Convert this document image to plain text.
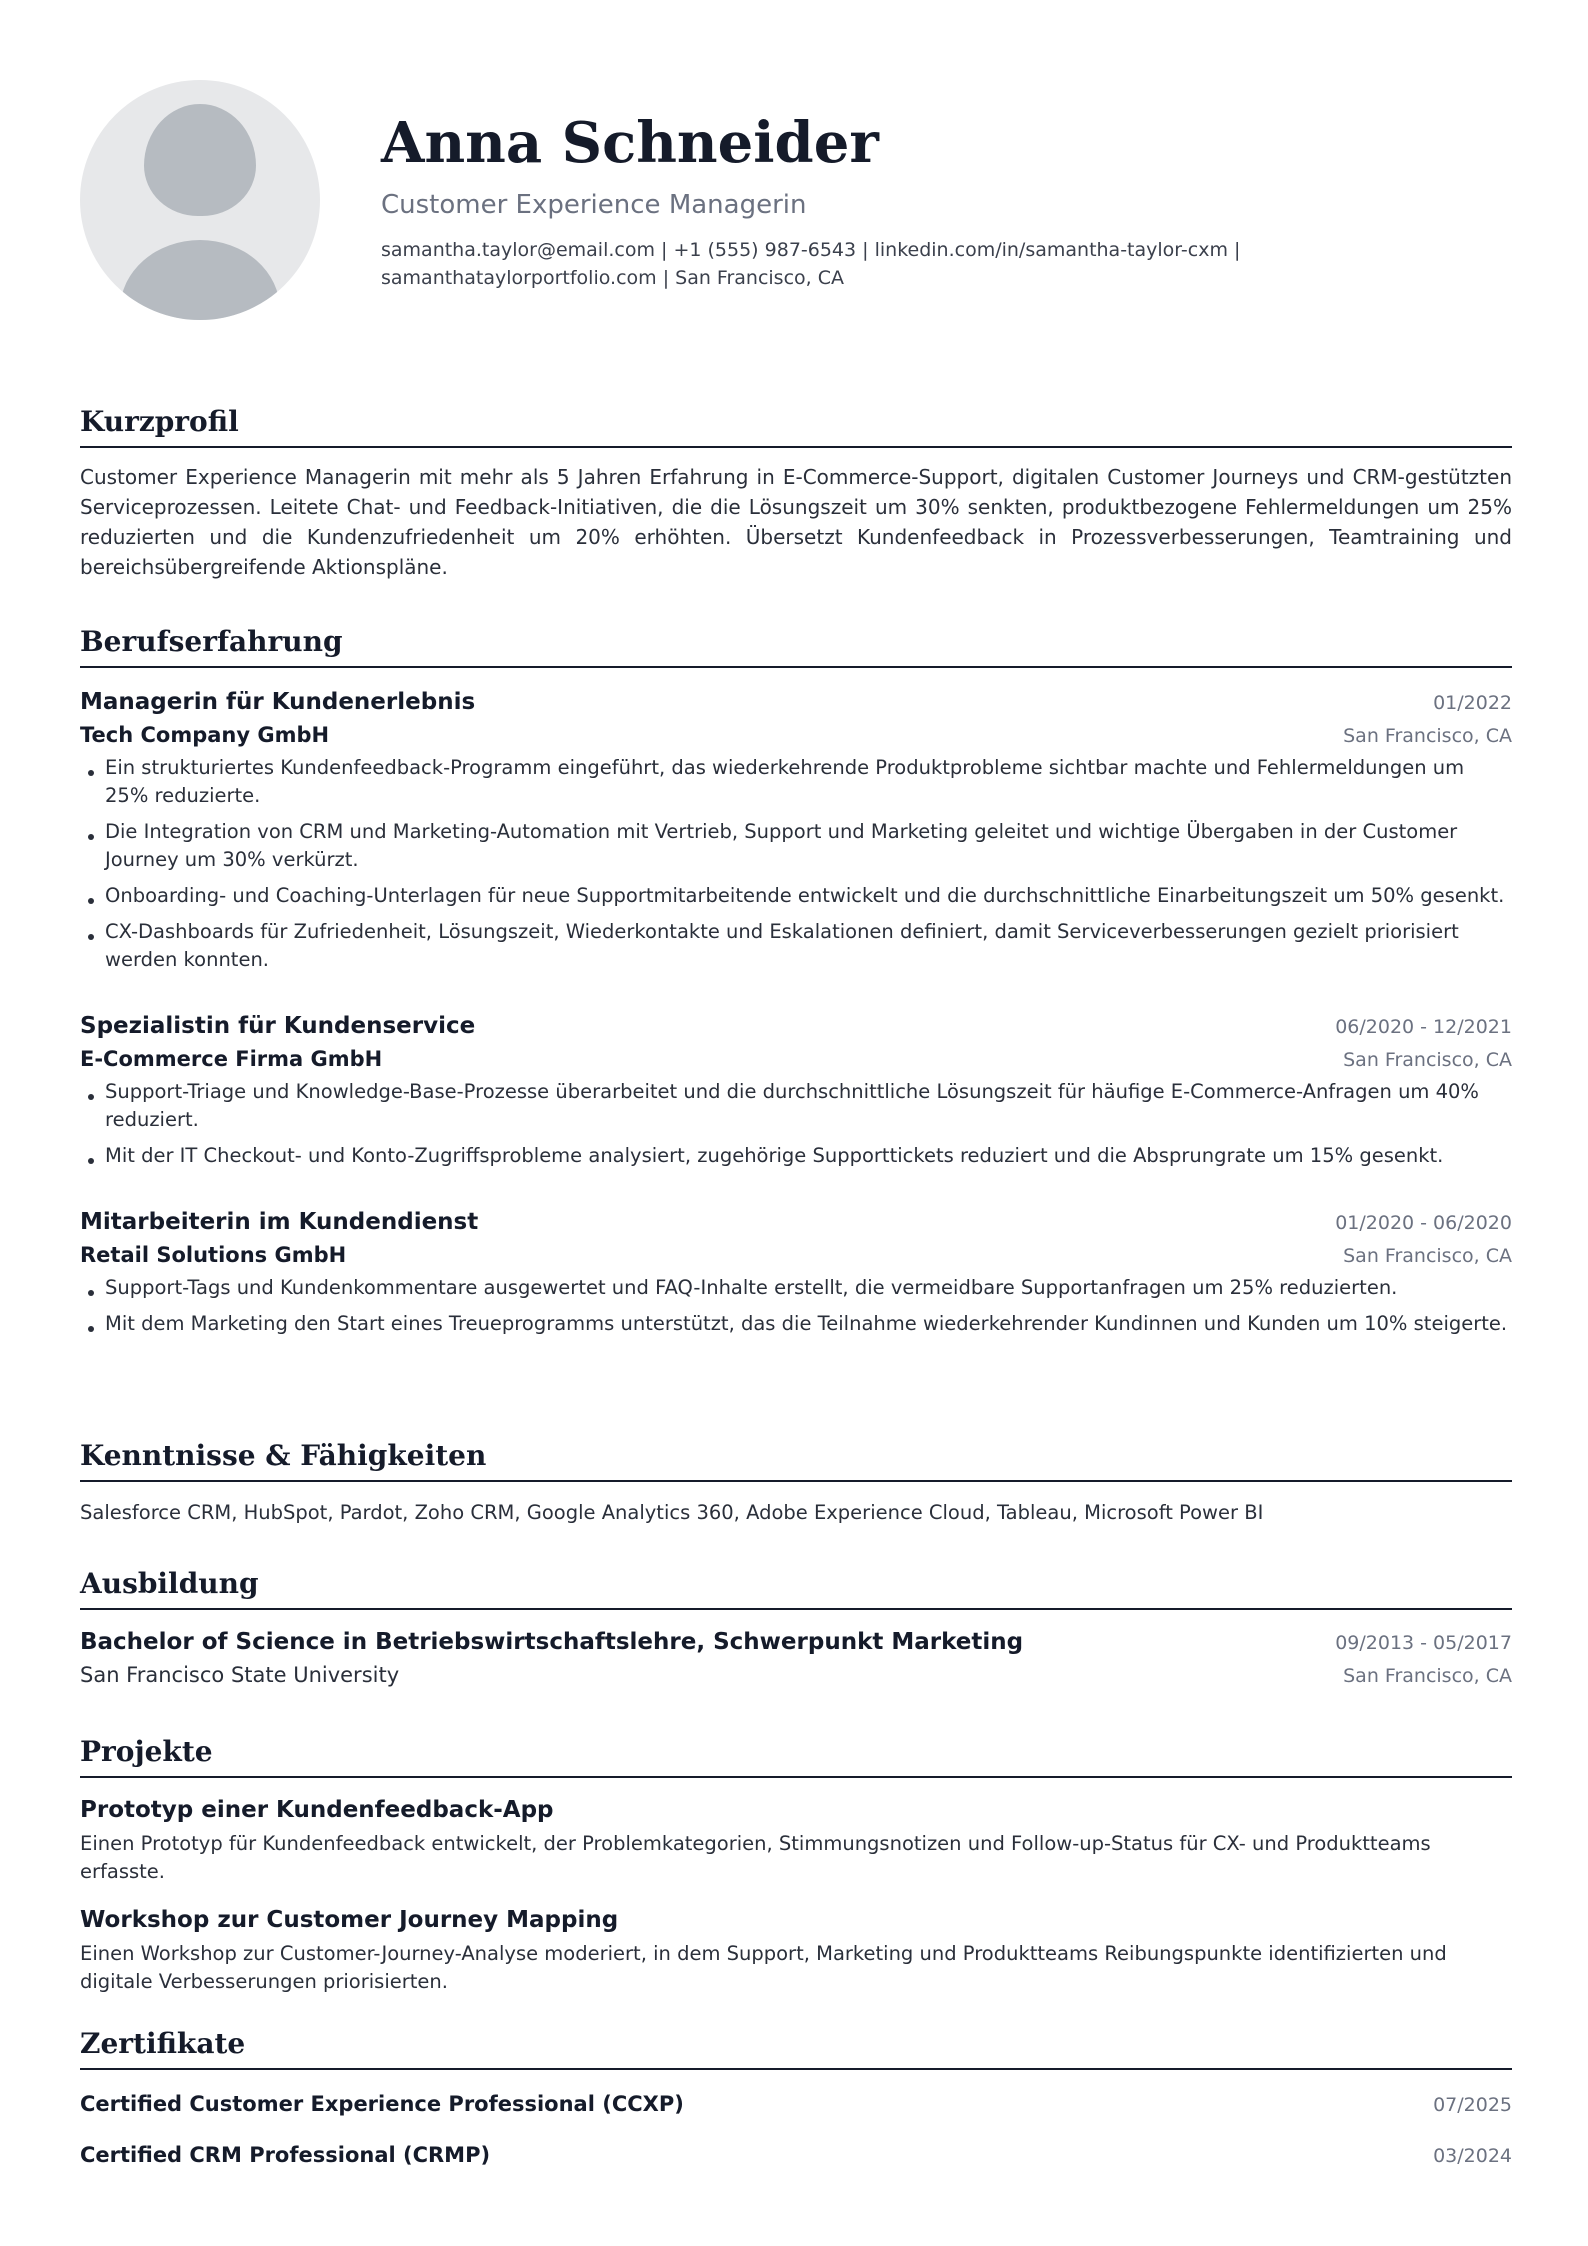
Anna Schneider
Customer Experience Managerin
samantha.taylor@email.com | +1 (555) 987-6543 | linkedin.com/in/samantha-taylor-cxm | samanthataylorportfolio.com | San Francisco, CA
Kurzprofil
Customer Experience Managerin mit mehr als 5 Jahren Erfahrung in E-Commerce-Support, digitalen Customer Journeys und CRM-gestützten Serviceprozessen. Leitete Chat- und Feedback-Initiativen, die die Lösungszeit um 30% senkten, produktbezogene Fehlermeldungen um 25% reduzierten und die Kundenzufriedenheit um 20% erhöhten. Übersetzt Kundenfeedback in Prozessverbesserungen, Teamtraining und bereichsübergreifende Aktionspläne.
Berufserfahrung
Managerin für Kundenerlebnis	01/2022
Tech Company GmbH	San Francisco, CA
Ein strukturiertes Kundenfeedback-Programm eingeführt, das wiederkehrende Produktprobleme sichtbar machte und Fehlermeldungen um 25% reduzierte.
Die Integration von CRM und Marketing-Automation mit Vertrieb, Support und Marketing geleitet und wichtige Übergaben in der Customer Journey um 30% verkürzt.
Onboarding- und Coaching-Unterlagen für neue Supportmitarbeitende entwickelt und die durchschnittliche Einarbeitungszeit um 50% gesenkt.
CX-Dashboards für Zufriedenheit, Lösungszeit, Wiederkontakte und Eskalationen definiert, damit Serviceverbesserungen gezielt priorisiert werden konnten.
Spezialistin für Kundenservice	06/2020 - 12/2021
E-Commerce Firma GmbH	San Francisco, CA
Support-Triage und Knowledge-Base-Prozesse überarbeitet und die durchschnittliche Lösungszeit für häufige E-Commerce-Anfragen um 40% reduziert.
Mit der IT Checkout- und Konto-Zugriffsprobleme analysiert, zugehörige Supporttickets reduziert und die Absprungrate um 15% gesenkt.
Mitarbeiterin im Kundendienst	01/2020 - 06/2020
Retail Solutions GmbH	San Francisco, CA
Support-Tags und Kundenkommentare ausgewertet und FAQ-Inhalte erstellt, die vermeidbare Supportanfragen um 25% reduzierten.
Mit dem Marketing den Start eines Treueprogramms unterstützt, das die Teilnahme wiederkehrender Kundinnen und Kunden um 10% steigerte.
Kenntnisse & Fähigkeiten
Salesforce CRM, HubSpot, Pardot, Zoho CRM, Google Analytics 360, Adobe Experience Cloud, Tableau, Microsoft Power BI
Ausbildung
Bachelor of Science in Betriebswirtschaftslehre, Schwerpunkt Marketing	09/2013 - 05/2017
San Francisco State University	San Francisco, CA
Projekte
Prototyp einer Kundenfeedback-App
Einen Prototyp für Kundenfeedback entwickelt, der Problemkategorien, Stimmungsnotizen und Follow-up-Status für CX- und Produktteams erfasste.
Workshop zur Customer Journey Mapping
Einen Workshop zur Customer-Journey-Analyse moderiert, in dem Support, Marketing und Produktteams Reibungspunkte identifizierten und digitale Verbesserungen priorisierten.
Zertifikate
Certified Customer Experience Professional (CCXP)	07/2025
Certified CRM Professional (CRMP)	03/2024
